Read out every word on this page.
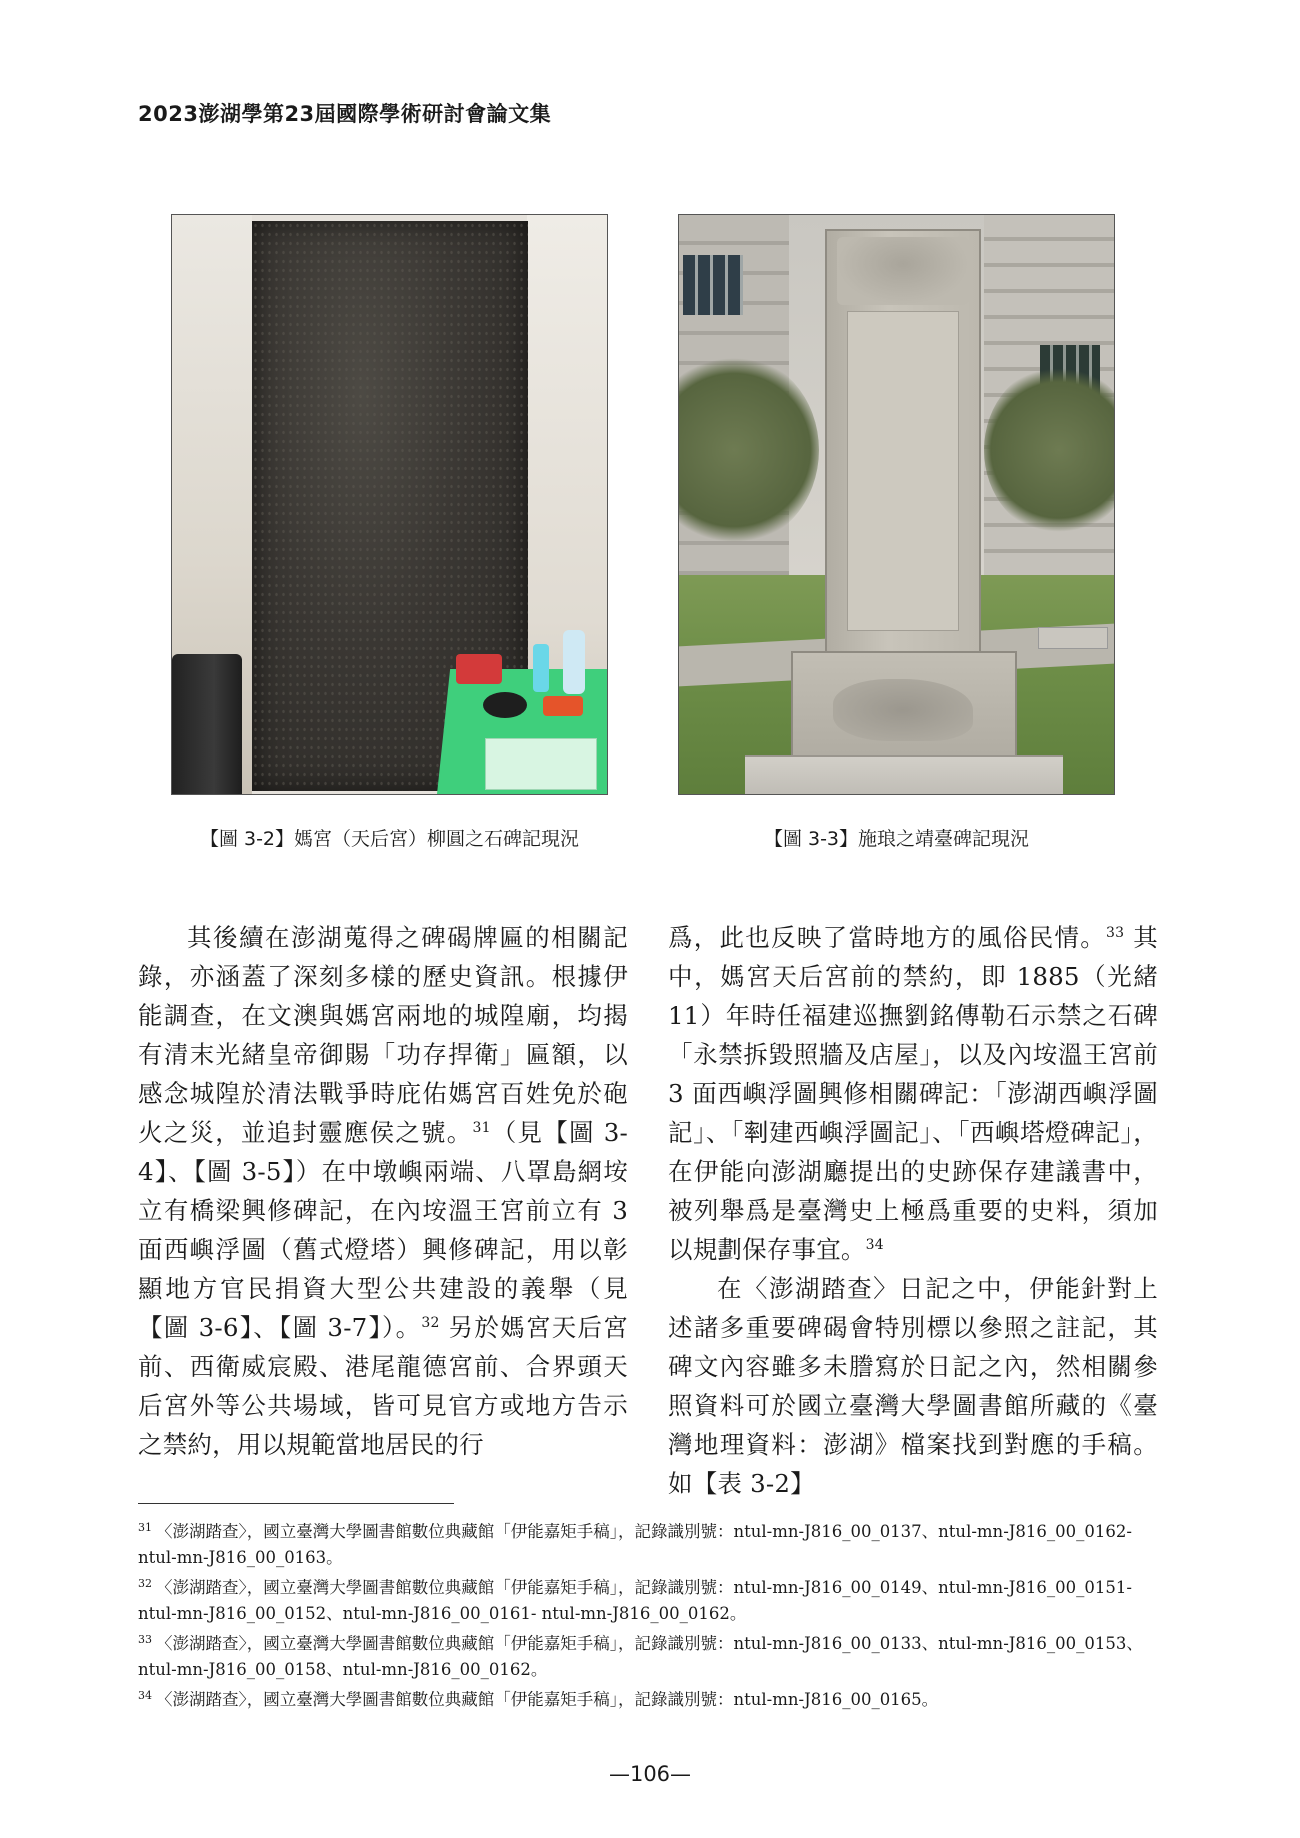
2023澎湖學第23屆國際學術研討會論文集
【圖 3-2】媽宮（天后宮）柳圓之石碑記現況	【圖 3-3】施琅之靖臺碑記現況

其後續在澎湖蒐得之碑碣牌匾的相關記錄，亦涵蓋了深刻多樣的歷史資訊。根據伊能調查，在文澳與媽宮兩地的城隍廟，均揭有清末光緒皇帝御賜「功存捍衛」匾額，以感念城隍於清法戰爭時庇佑媽宮百姓免於砲火之災，並追封靈應侯之號。$^{31}$（見【圖 3-4】、【圖 3-5】）在中墩嶼兩端、八罩島網垵立有橋梁興修碑記，在內垵溫王宮前立有 3 面西嶼浮圖（舊式燈塔）興修碑記，用以彰顯地方官民捐資大型公共建設的義舉（見【圖 3-6】、【圖 3-7】）。$^{32}$ 另於媽宮天后宮前、西衛威宸殿、港尾龍德宮前、合界頭天后宮外等公共場域，皆可見官方或地方告示之禁約，用以規範當地居民的行

爲，此也反映了當時地方的風俗民情。$^{33}$ 其中，媽宮天后宮前的禁約，即 1885（光緒 11）年時任福建巡撫劉銘傳勒石示禁之石碑「永禁拆毀照牆及店屋」，以及內垵溫王宮前 3 面西嶼浮圖興修相關碑記：「澎湖西嶼浮圖記」、「𠞩建西嶼浮圖記」、「西嶼塔燈碑記」，在伊能向澎湖廳提出的史跡保存建議書中，被列舉爲是臺灣史上極爲重要的史料，須加以規劃保存事宜。$^{34}$

在〈澎湖踏查〉日記之中，伊能針對上述諸多重要碑碣會特別標以參照之註記，其碑文內容雖多未謄寫於日記之內，然相關參照資料可於國立臺灣大學圖書館所藏的《臺灣地理資料：澎湖》檔案找到對應的手稿。如【表 3-2】

$^{31}$ 〈澎湖踏查〉，國立臺灣大學圖書館數位典藏館「伊能嘉矩手稿」，記錄識別號：ntul-mn-J816_00_0137、ntul-mn-J816_00_0162- ntul-mn-J816_00_0163。
$^{32}$ 〈澎湖踏查〉，國立臺灣大學圖書館數位典藏館「伊能嘉矩手稿」，記錄識別號：ntul-mn-J816_00_0149、ntul-mn-J816_00_0151- ntul-mn-J816_00_0152、ntul-mn-J816_00_0161- ntul-mn-J816_00_0162。
$^{33}$ 〈澎湖踏查〉，國立臺灣大學圖書館數位典藏館「伊能嘉矩手稿」，記錄識別號：ntul-mn-J816_00_0133、ntul-mn-J816_00_0153、ntul-mn-J816_00_0158、ntul-mn-J816_00_0162。
$^{34}$ 〈澎湖踏查〉，國立臺灣大學圖書館數位典藏館「伊能嘉矩手稿」，記錄識別號：ntul-mn-J816_00_0165。
—106—
